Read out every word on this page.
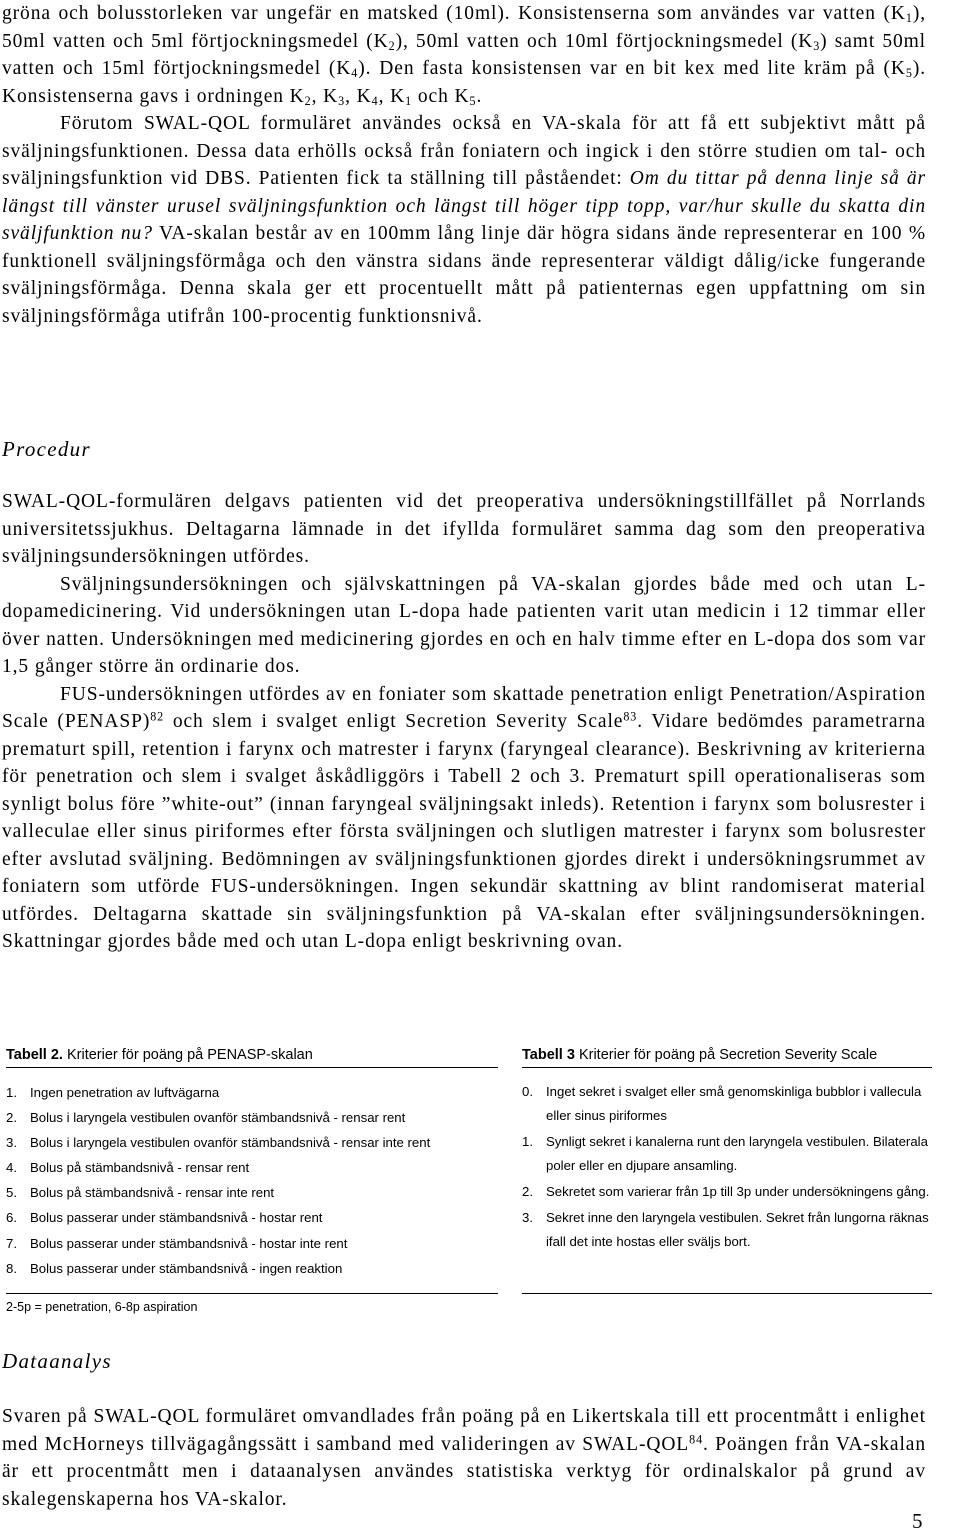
gröna och bolusstorleken var ungefär en matsked (10ml). Konsistenserna som användes var vatten $(K_1)$, 50ml vatten och 5ml förtjockningsmedel $(K_2)$, 50ml vatten och 10ml förtjockningsmedel $(K_3)$ samt 50ml vatten och 15ml förtjockningsmedel $(K_4)$. Den fasta konsistensen var en bit kex med lite kräm på $(K_5)$. Konsistenserna gavs i ordningen $K_2$, $K_3$, $K_4$, $K_1$ och $K_5$.

Förutom SWAL-QOL formuläret användes också en VA-skala för att få ett subjektivt mått på sväljningsfunktionen. Dessa data erhölls också från foniatern och ingick i den större studien om tal- och sväljningsfunktion vid DBS. Patienten fick ta ställning till påståendet: Om du tittar på denna linje så är längst till vänster urusel sväljningsfunktion och längst till höger tipp topp, var/hur skulle du skatta din sväljfunktion nu? VA-skalan består av en 100mm lång linje där högra sidans ände representerar en 100 % funktionell sväljningsförmåga och den vänstra sidans ände representerar väldigt dålig/icke fungerande sväljningsförmåga. Denna skala ger ett procentuellt mått på patienternas egen uppfattning om sin sväljningsförmåga utifrån 100-procentig funktionsnivå.

Procedur

SWAL-QOL-formulären delgavs patienten vid det preoperativa undersökningstillfället på Norrlands universitetssjukhus. Deltagarna lämnade in det ifyllda formuläret samma dag som den preoperativa sväljningsundersökningen utfördes.

Sväljningsundersökningen och självskattningen på VA-skalan gjordes både med och utan L-dopamedicinering. Vid undersökningen utan L-dopa hade patienten varit utan medicin i 12 timmar eller över natten. Undersökningen med medicinering gjordes en och en halv timme efter en L-dopa dos som var 1,5 gånger större än ordinarie dos.

FUS-undersökningen utfördes av en foniater som skattade penetration enligt Penetration/Aspiration Scale (PENASP)$^{82}$ och slem i svalget enligt Secretion Severity Scale$^{83}$. Vidare bedömdes parametrarna prematurt spill, retention i farynx och matrester i farynx (faryngeal clearance). Beskrivning av kriterierna för penetration och slem i svalget åskådliggörs i Tabell 2 och 3. Prematurt spill operationaliseras som synligt bolus före ”white-out” (innan faryngeal sväljningsakt inleds). Retention i farynx som bolusrester i valleculae eller sinus piriformes efter första sväljningen och slutligen matrester i farynx som bolusrester efter avslutad sväljning. Bedömningen av sväljningsfunktionen gjordes direkt i undersökningsrummet av foniatern som utförde FUS-undersökningen. Ingen sekundär skattning av blint randomiserat material utfördes. Deltagarna skattade sin sväljningsfunktion på VA-skalan efter sväljningsundersökningen. Skattningar gjordes både med och utan L-dopa enligt beskrivning ovan.

Tabell 2. Kriterier för poäng på PENASP-skalan
1. Ingen penetration av luftvägarna
2. Bolus i laryngela vestibulen ovanför stämbandsnivå - rensar rent
3. Bolus i laryngela vestibulen ovanför stämbandsnivå - rensar inte rent
4. Bolus på stämbandsnivå - rensar rent
5. Bolus på stämbandsnivå - rensar inte rent
6. Bolus passerar under stämbandsnivå - hostar rent
7. Bolus passerar under stämbandsnivå - hostar inte rent
8. Bolus passerar under stämbandsnivå - ingen reaktion
2-5p = penetration, 6-8p aspiration
Tabell 3 Kriterier för poäng på Secretion Severity Scale
0. Inget sekret i svalget eller små genomskinliga bubblor i vallecula eller sinus piriformes
1. Synligt sekret i kanalerna runt den laryngela vestibulen. Bilaterala poler eller en djupare ansamling.
2. Sekretet som varierar från 1p till 3p under undersökningens gång.
3. Sekret inne den laryngela vestibulen. Sekret från lungorna räknas ifall det inte hostas eller sväljs bort.
Dataanalys

Svaren på SWAL-QOL formuläret omvandlades från poäng på en Likertskala till ett procentmått i enlighet med McHorneys tillvägagångssätt i samband med valideringen av SWAL-QOL$^{84}$. Poängen från VA-skalan är ett procentmått men i dataanalysen användes statistiska verktyg för ordinalskalor på grund av skalegenskaperna hos VA-skalor.

5
